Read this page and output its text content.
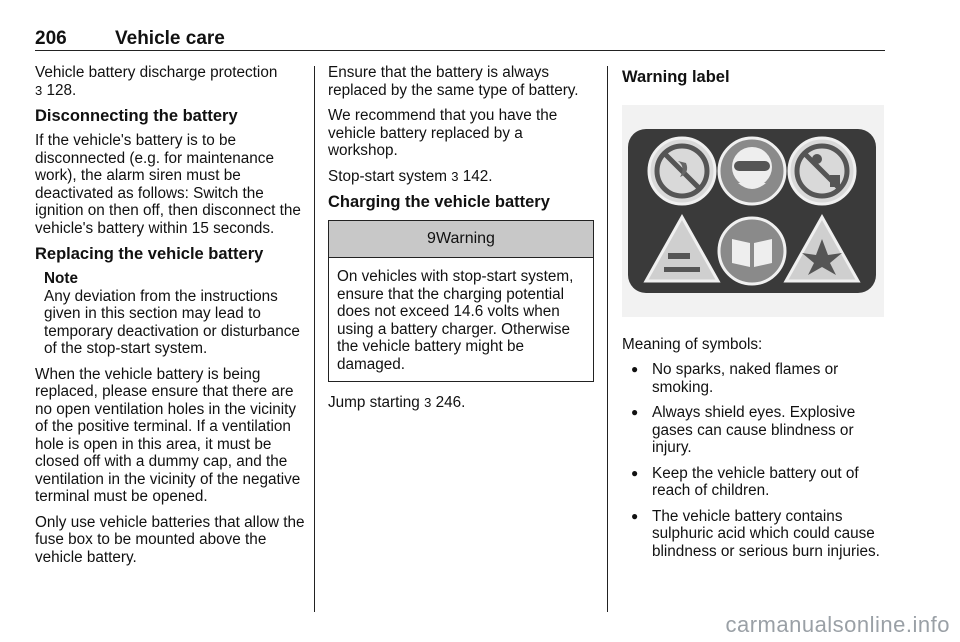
206	Vehicle care

Vehicle battery discharge protection
3 128.

Disconnecting the battery

If the vehicle's battery is to be disconnected (e.g. for maintenance work), the alarm siren must be deactivated as follows: Switch the ignition on then off, then disconnect the vehicle's battery within 15 seconds.

Replacing the vehicle battery
Note
Any deviation from the instructions given in this section may lead to temporary deactivation or disturbance of the stop-start system.

When the vehicle battery is being replaced, please ensure that there are no open ventilation holes in the vicinity of the positive terminal. If a ventilation hole is open in this area, it must be closed off with a dummy cap, and the ventilation in the vicinity of the negative terminal must be opened.

Only use vehicle batteries that allow the fuse box to be mounted above the vehicle battery.

Ensure that the battery is always replaced by the same type of battery.

We recommend that you have the vehicle battery replaced by a workshop.

Stop-start system 3 142.

Charging the vehicle battery
9 Warning
On vehicles with stop-start system, ensure that the charging potential does not exceed 14.6 volts when using a battery charger. Otherwise the vehicle battery might be damaged.

Jump starting 3 246.

Warning label

Meaning of symbols:

● No sparks, naked flames or smoking.
● Always shield eyes. Explosive gases can cause blindness or injury.
● Keep the vehicle battery out of reach of children.
● The vehicle battery contains sulphuric acid which could cause blindness or serious burn injuries.
carmanualsonline.info
